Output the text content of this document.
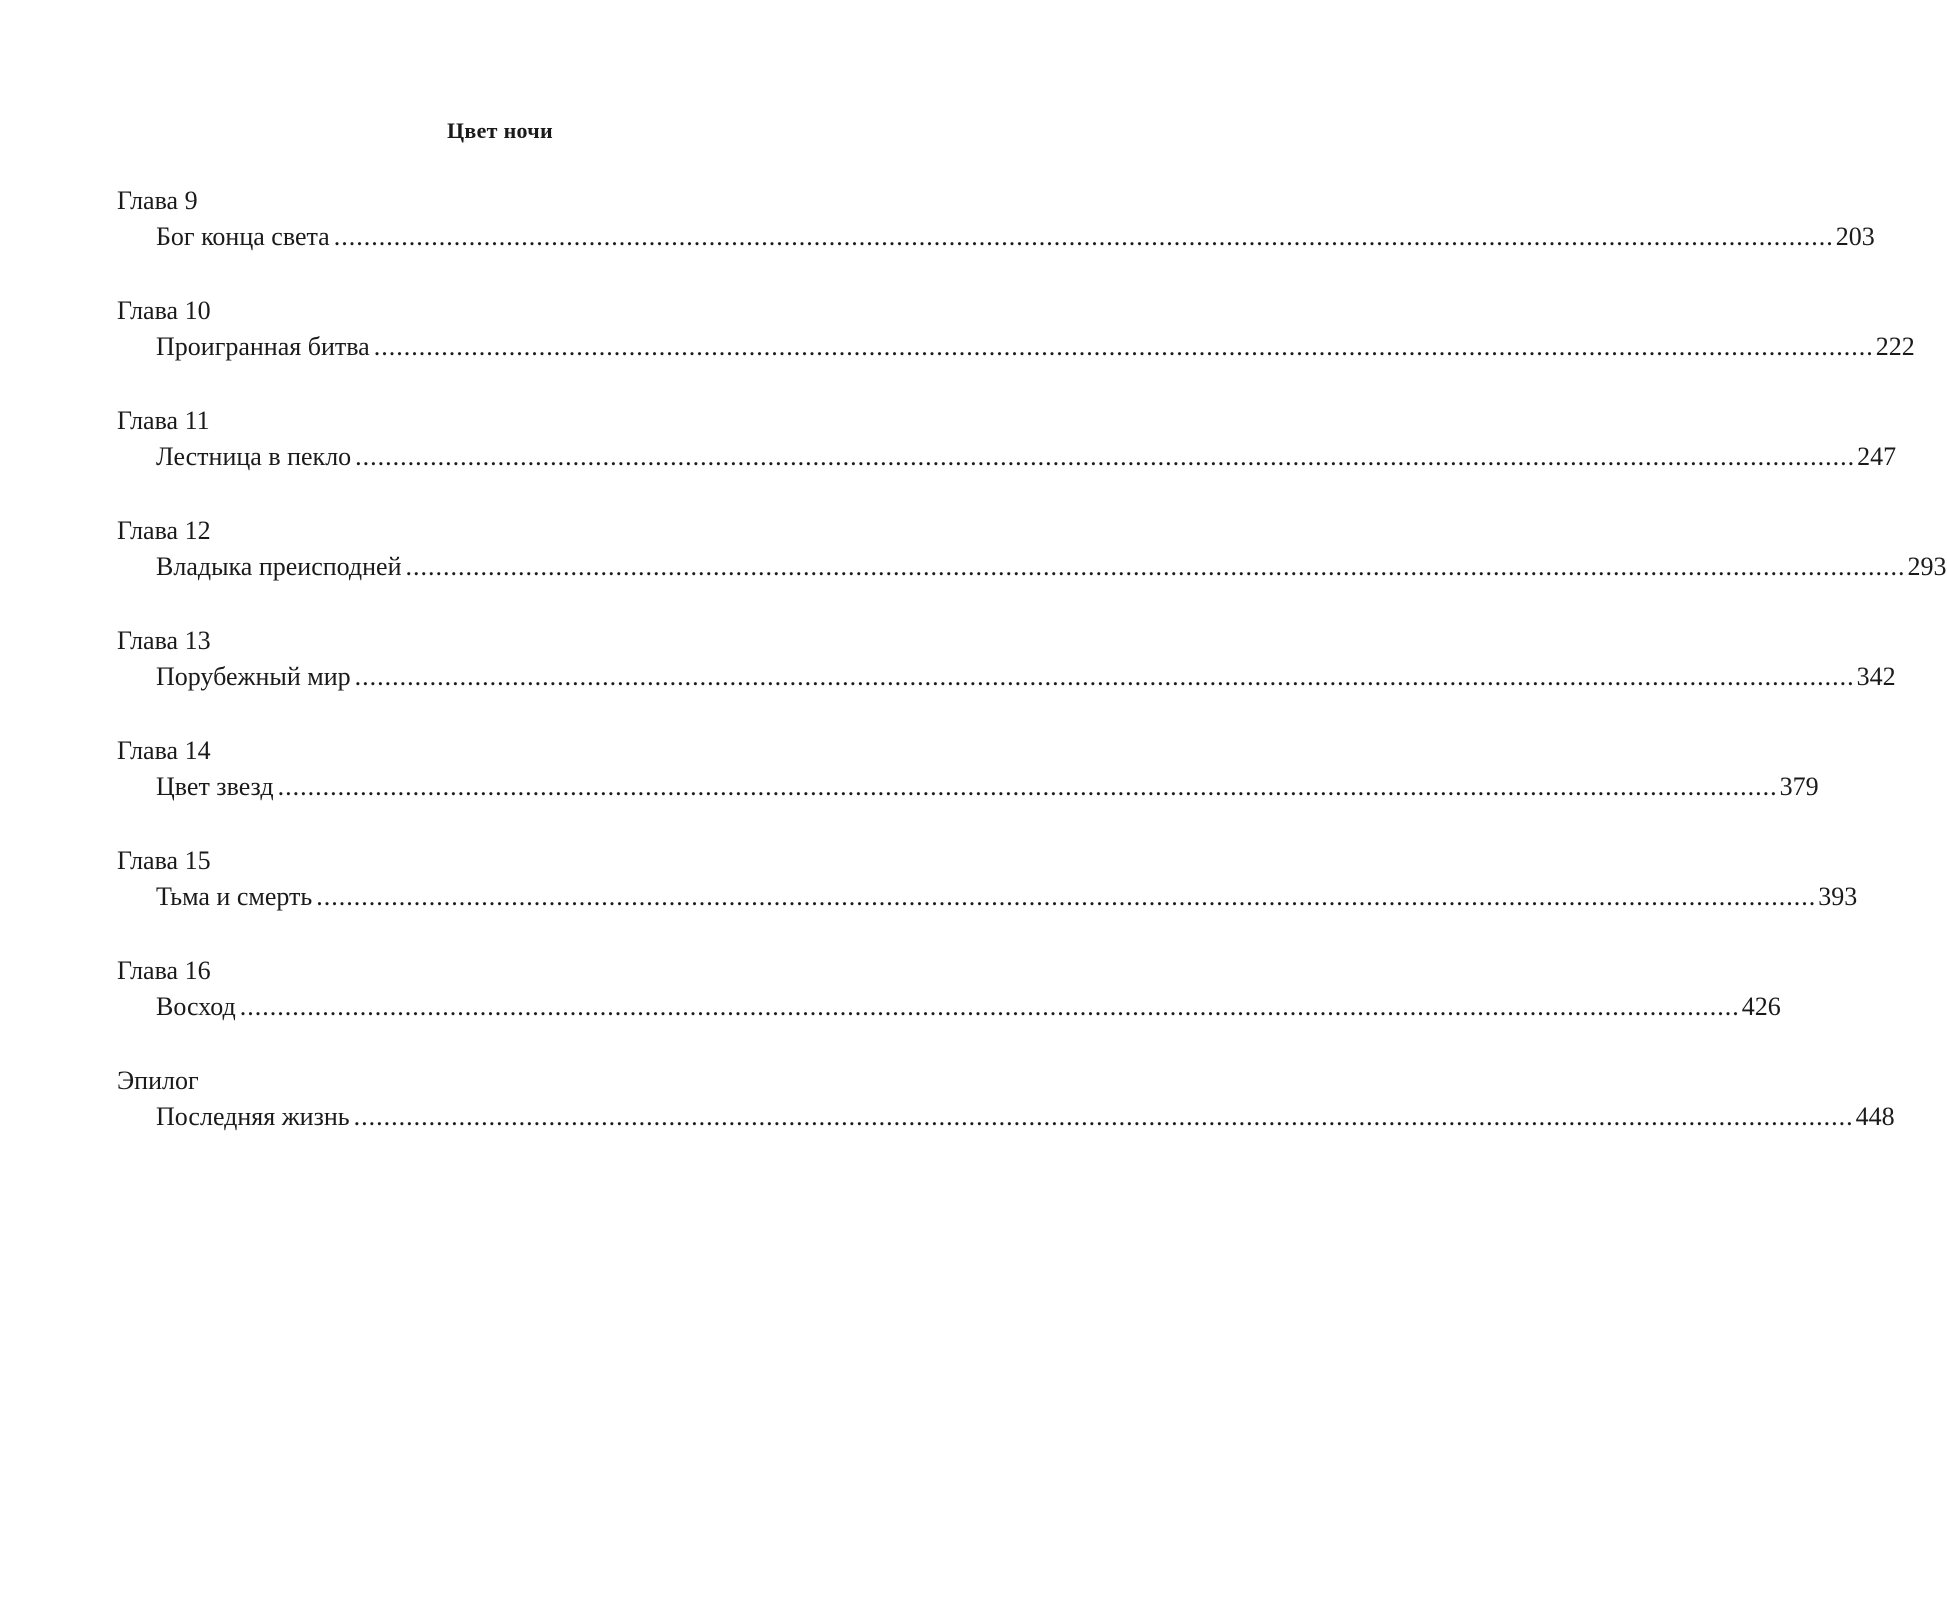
Цвет ночи
Глава 9
Бог конца света ........................................................................................................................................................................................................ 203
Глава 10
Проигранная битва ........................................................................................................................................................................................................ 222
Глава 11
Лестница в пекло ........................................................................................................................................................................................................ 247
Глава 12
Владыка преисподней ........................................................................................................................................................................................................ 293
Глава 13
Порубежный мир ........................................................................................................................................................................................................ 342
Глава 14
Цвет звезд ........................................................................................................................................................................................................ 379
Глава 15
Тьма и смерть ........................................................................................................................................................................................................ 393
Глава 16
Восход ........................................................................................................................................................................................................ 426
Эпилог
Последняя жизнь ........................................................................................................................................................................................................ 448
